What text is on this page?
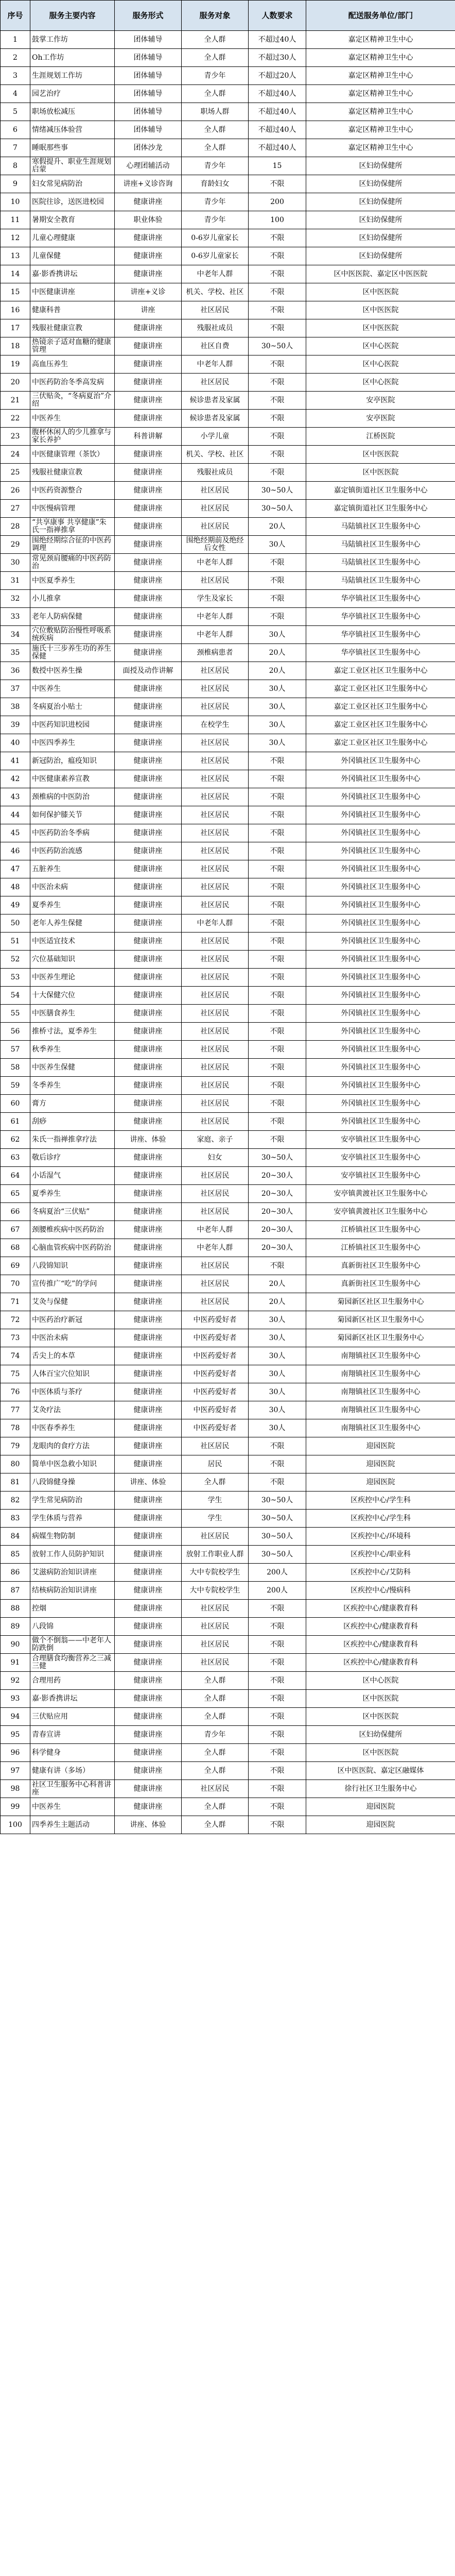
序号	服务主要内容	服务形式	服务对象	人数要求	配送服务单位/部门
1	鼓掌工作坊	团体辅导	全人群	不超过40人	嘉定区精神卫生中心
2	Oh工作坊	团体辅导	全人群	不超过30人	嘉定区精神卫生中心
3	生涯规划工作坊	团体辅导	青少年	不超过20人	嘉定区精神卫生中心
4	园艺治疗	团体辅导	全人群	不超过40人	嘉定区精神卫生中心
5	职场放松减压	团体辅导	职场人群	不超过40人	嘉定区精神卫生中心
6	情绪减压体验营	团体辅导	全人群	不超过40人	嘉定区精神卫生中心
7	睡眠那些事	团体沙龙	全人群	不超过40人	嘉定区精神卫生中心
8	寒假提升、职业生涯规划启蒙	心理团辅活动	青少年	15	区妇幼保健所
9	妇女常见病防治	讲座+义诊咨询	育龄妇女	不限	区妇幼保健所
10	医院往诊，送医进校园	健康讲座	青少年	200	区妇幼保健所
11	暑期安全教育	职业体验	青少年	100	区妇幼保健所
12	儿童心理健康	健康讲座	0-6岁儿童家长	不限	区妇幼保健所
13	儿童保健	健康讲座	0-6岁儿童家长	不限	区妇幼保健所
14	嘉·影香携讲坛	健康讲座	中老年人群	不限	区中医医院、嘉定区中医医院
15	中医健康讲座	讲座+义诊	机关、学校、社区	不限	区中医医院
16	健康科普	讲座	社区居民	不限	区中医医院
17	残服社健康宣教	健康讲座	残服社成员	不限	区中医医院
18	热镜亲子适对血糖的健康管理	健康讲座	社区自费	30~50人	区中心医院
19	高血压养生	健康讲座	中老年人群	不限	区中心医院
20	中医药防治冬季高发病	健康讲座	社区居民	不限	区中心医院
21	三伏贴灸，“冬病夏治”介绍	健康讲座	候诊患者及家属	不限	安亭医院
22	中医养生	健康讲座	候诊患者及家属	不限	安亭医院
23	腹杯休闲人的少儿推拿与家长养护	科普讲解	小学儿童	不限	江桥医院
24	中医健康管理（茶饮）	健康讲座	机关、学校、社区	不限	区中医医院
25	残服社健康宣教	健康讲座	残服社成员	不限	区中医医院
26	中医药资源整合	健康讲座	社区居民	30~50人	嘉定镇街道社区卫生服务中心
27	中医慢病管理	健康讲座	社区居民	30~50人	嘉定镇街道社区卫生服务中心
28	“共享康事 共享健康”朱氏一指禅推拿	健康讲座	社区居民	20人	马陆镇社区卫生服务中心
29	围绝经期综合征的中医药调理	健康讲座	围绝经期前及绝经后女性	30人	马陆镇社区卫生服务中心
30	常见颈肩腰痛的中医药防治	健康讲座	中老年人群	不限	马陆镇社区卫生服务中心
31	中医夏季养生	健康讲座	社区居民	不限	马陆镇社区卫生服务中心
32	小儿推拿	健康讲座	学生及家长	不限	华亭镇社区卫生服务中心
33	老年人防病保健	健康讲座	中老年人群	不限	华亭镇社区卫生服务中心
34	穴位敷贴防治慢性呼吸系统疾病	健康讲座	中老年人群	30人	华亭镇社区卫生服务中心
35	施氏十三步养生功的养生保健	健康讲座	颈椎病患者	20人	华亭镇社区卫生服务中心
36	数授中医养生操	面授及动作讲解	社区居民	20人	嘉定工业区社区卫生服务中心
37	中医养生	健康讲座	社区居民	30人	嘉定工业区社区卫生服务中心
38	冬病夏治小贴士	健康讲座	社区居民	30人	嘉定工业区社区卫生服务中心
39	中医药知识进校园	健康讲座	在校学生	30人	嘉定工业区社区卫生服务中心
40	中医四季养生	健康讲座	社区居民	30人	嘉定工业区社区卫生服务中心
41	新冠防治，瘟疫知识	健康讲座	社区居民	不限	外冈镇社区卫生服务中心
42	中医健康素养宣教	健康讲座	社区居民	不限	外冈镇社区卫生服务中心
43	颈椎病的中医防治	健康讲座	社区居民	不限	外冈镇社区卫生服务中心
44	如何保护膝关节	健康讲座	社区居民	不限	外冈镇社区卫生服务中心
45	中医药防治冬季病	健康讲座	社区居民	不限	外冈镇社区卫生服务中心
46	中医药防治流感	健康讲座	社区居民	不限	外冈镇社区卫生服务中心
47	五脏养生	健康讲座	社区居民	不限	外冈镇社区卫生服务中心
48	中医治未病	健康讲座	社区居民	不限	外冈镇社区卫生服务中心
49	夏季养生	健康讲座	社区居民	不限	外冈镇社区卫生服务中心
50	老年人养生保健	健康讲座	中老年人群	不限	外冈镇社区卫生服务中心
51	中医适宜技术	健康讲座	社区居民	不限	外冈镇社区卫生服务中心
52	穴位基础知识	健康讲座	社区居民	不限	外冈镇社区卫生服务中心
53	中医养生理论	健康讲座	社区居民	不限	外冈镇社区卫生服务中心
54	十大保健穴位	健康讲座	社区居民	不限	外冈镇社区卫生服务中心
55	中医膳食养生	健康讲座	社区居民	不限	外冈镇社区卫生服务中心
56	推桥寸法，夏季养生	健康讲座	社区居民	不限	外冈镇社区卫生服务中心
57	秋季养生	健康讲座	社区居民	不限	外冈镇社区卫生服务中心
58	中医养生保健	健康讲座	社区居民	不限	外冈镇社区卫生服务中心
59	冬季养生	健康讲座	社区居民	不限	外冈镇社区卫生服务中心
60	膏方	健康讲座	社区居民	不限	外冈镇社区卫生服务中心
61	刮痧	健康讲座	社区居民	不限	外冈镇社区卫生服务中心
62	朱氏一指禅推拿疗法	讲座、体验	家庭、亲子	不限	安亭镇社区卫生服务中心
63	敬后诊疗	健康讲座	妇女	30~50人	安亭镇社区卫生服务中心
64	小话湿气	健康讲座	社区居民	20~30人	安亭镇社区卫生服务中心
65	夏季养生	健康讲座	社区居民	20~30人	安亭镇黄渡社区卫生服务中心
66	冬病夏治“三伏贴”	健康讲座	社区居民	20~30人	安亭镇黄渡社区卫生服务中心
67	颈腰椎疾病中医药防治	健康讲座	中老年人群	20~30人	江桥镇社区卫生服务中心
68	心脑血管疾病中医药防治	健康讲座	中老年人群	20~30人	江桥镇社区卫生服务中心
69	八段锦知识	健康讲座	社区居民	不限	真新街社区卫生服务中心
70	宣传推广“吃”的学问	健康讲座	社区居民	20人	真新街社区卫生服务中心
71	艾灸与保健	健康讲座	社区居民	20人	菊园新区社区卫生服务中心
72	中医药治疗新冠	健康讲座	中医药爱好者	30人	菊园新区社区卫生服务中心
73	中医治未病	健康讲座	中医药爱好者	30人	菊园新区社区卫生服务中心
74	舌尖上的本草	健康讲座	中医药爱好者	30人	南翔镇社区卫生服务中心
75	人体百宝穴位知识	健康讲座	中医药爱好者	30人	南翔镇社区卫生服务中心
76	中医体质与茶疗	健康讲座	中医药爱好者	30人	南翔镇社区卫生服务中心
77	艾灸疗法	健康讲座	中医药爱好者	30人	南翔镇社区卫生服务中心
78	中医春季养生	健康讲座	中医药爱好者	30人	南翔镇社区卫生服务中心
79	龙眼肉的食疗方法	健康讲座	社区居民	不限	迎园医院
80	简单中医急救小知识	健康讲座	居民	不限	迎园医院
81	八段锦健身操	讲座、体验	全人群	不限	迎园医院
82	学生常见病防治	健康讲座	学生	30~50人	区疾控中心/学生科
83	学生体质与营养	健康讲座	学生	30~50人	区疾控中心/学生科
84	病媒生物防制	健康讲座	社区居民	30~50人	区疾控中心/环境科
85	放射工作人员防护知识	健康讲座	放射工作职业人群	30~50人	区疾控中心/职业科
86	艾滋病防治知识讲座	健康讲座	大中专院校学生	200人	区疾控中心/艾防科
87	结核病防治知识讲座	健康讲座	大中专院校学生	200人	区疾控中心/慢病科
88	控烟	健康讲座	社区居民	不限	区疾控中心/健康教育科
89	八段锦	健康讲座	社区居民	不限	区疾控中心/健康教育科
90	做个不倒翁——中老年人防跌倒	健康讲座	社区居民	不限	区疾控中心/健康教育科
91	合理膳食均衡营养之三减三健	健康讲座	社区居民	不限	区疾控中心/健康教育科
92	合理用药	健康讲座	全人群	不限	区中心医院
93	嘉·影香携讲坛	健康讲座	全人群	不限	区中医医院
94	三伏贴应用	健康讲座	全人群	不限	区中医医院
95	青春宣讲	健康讲座	青少年	不限	区妇幼保健所
96	科学健身	健康讲座	全人群	不限	区中医医院
97	健康有讲（多场）	健康讲座	全人群	不限	区中医医院、嘉定区融媒体
98	社区卫生服务中心科普讲座	健康讲座	社区居民	不限	徐行社区卫生服务中心
99	中医养生	健康讲座	全人群	不限	迎园医院
100	四季养生主题活动	讲座、体验	全人群	不限	迎园医院
